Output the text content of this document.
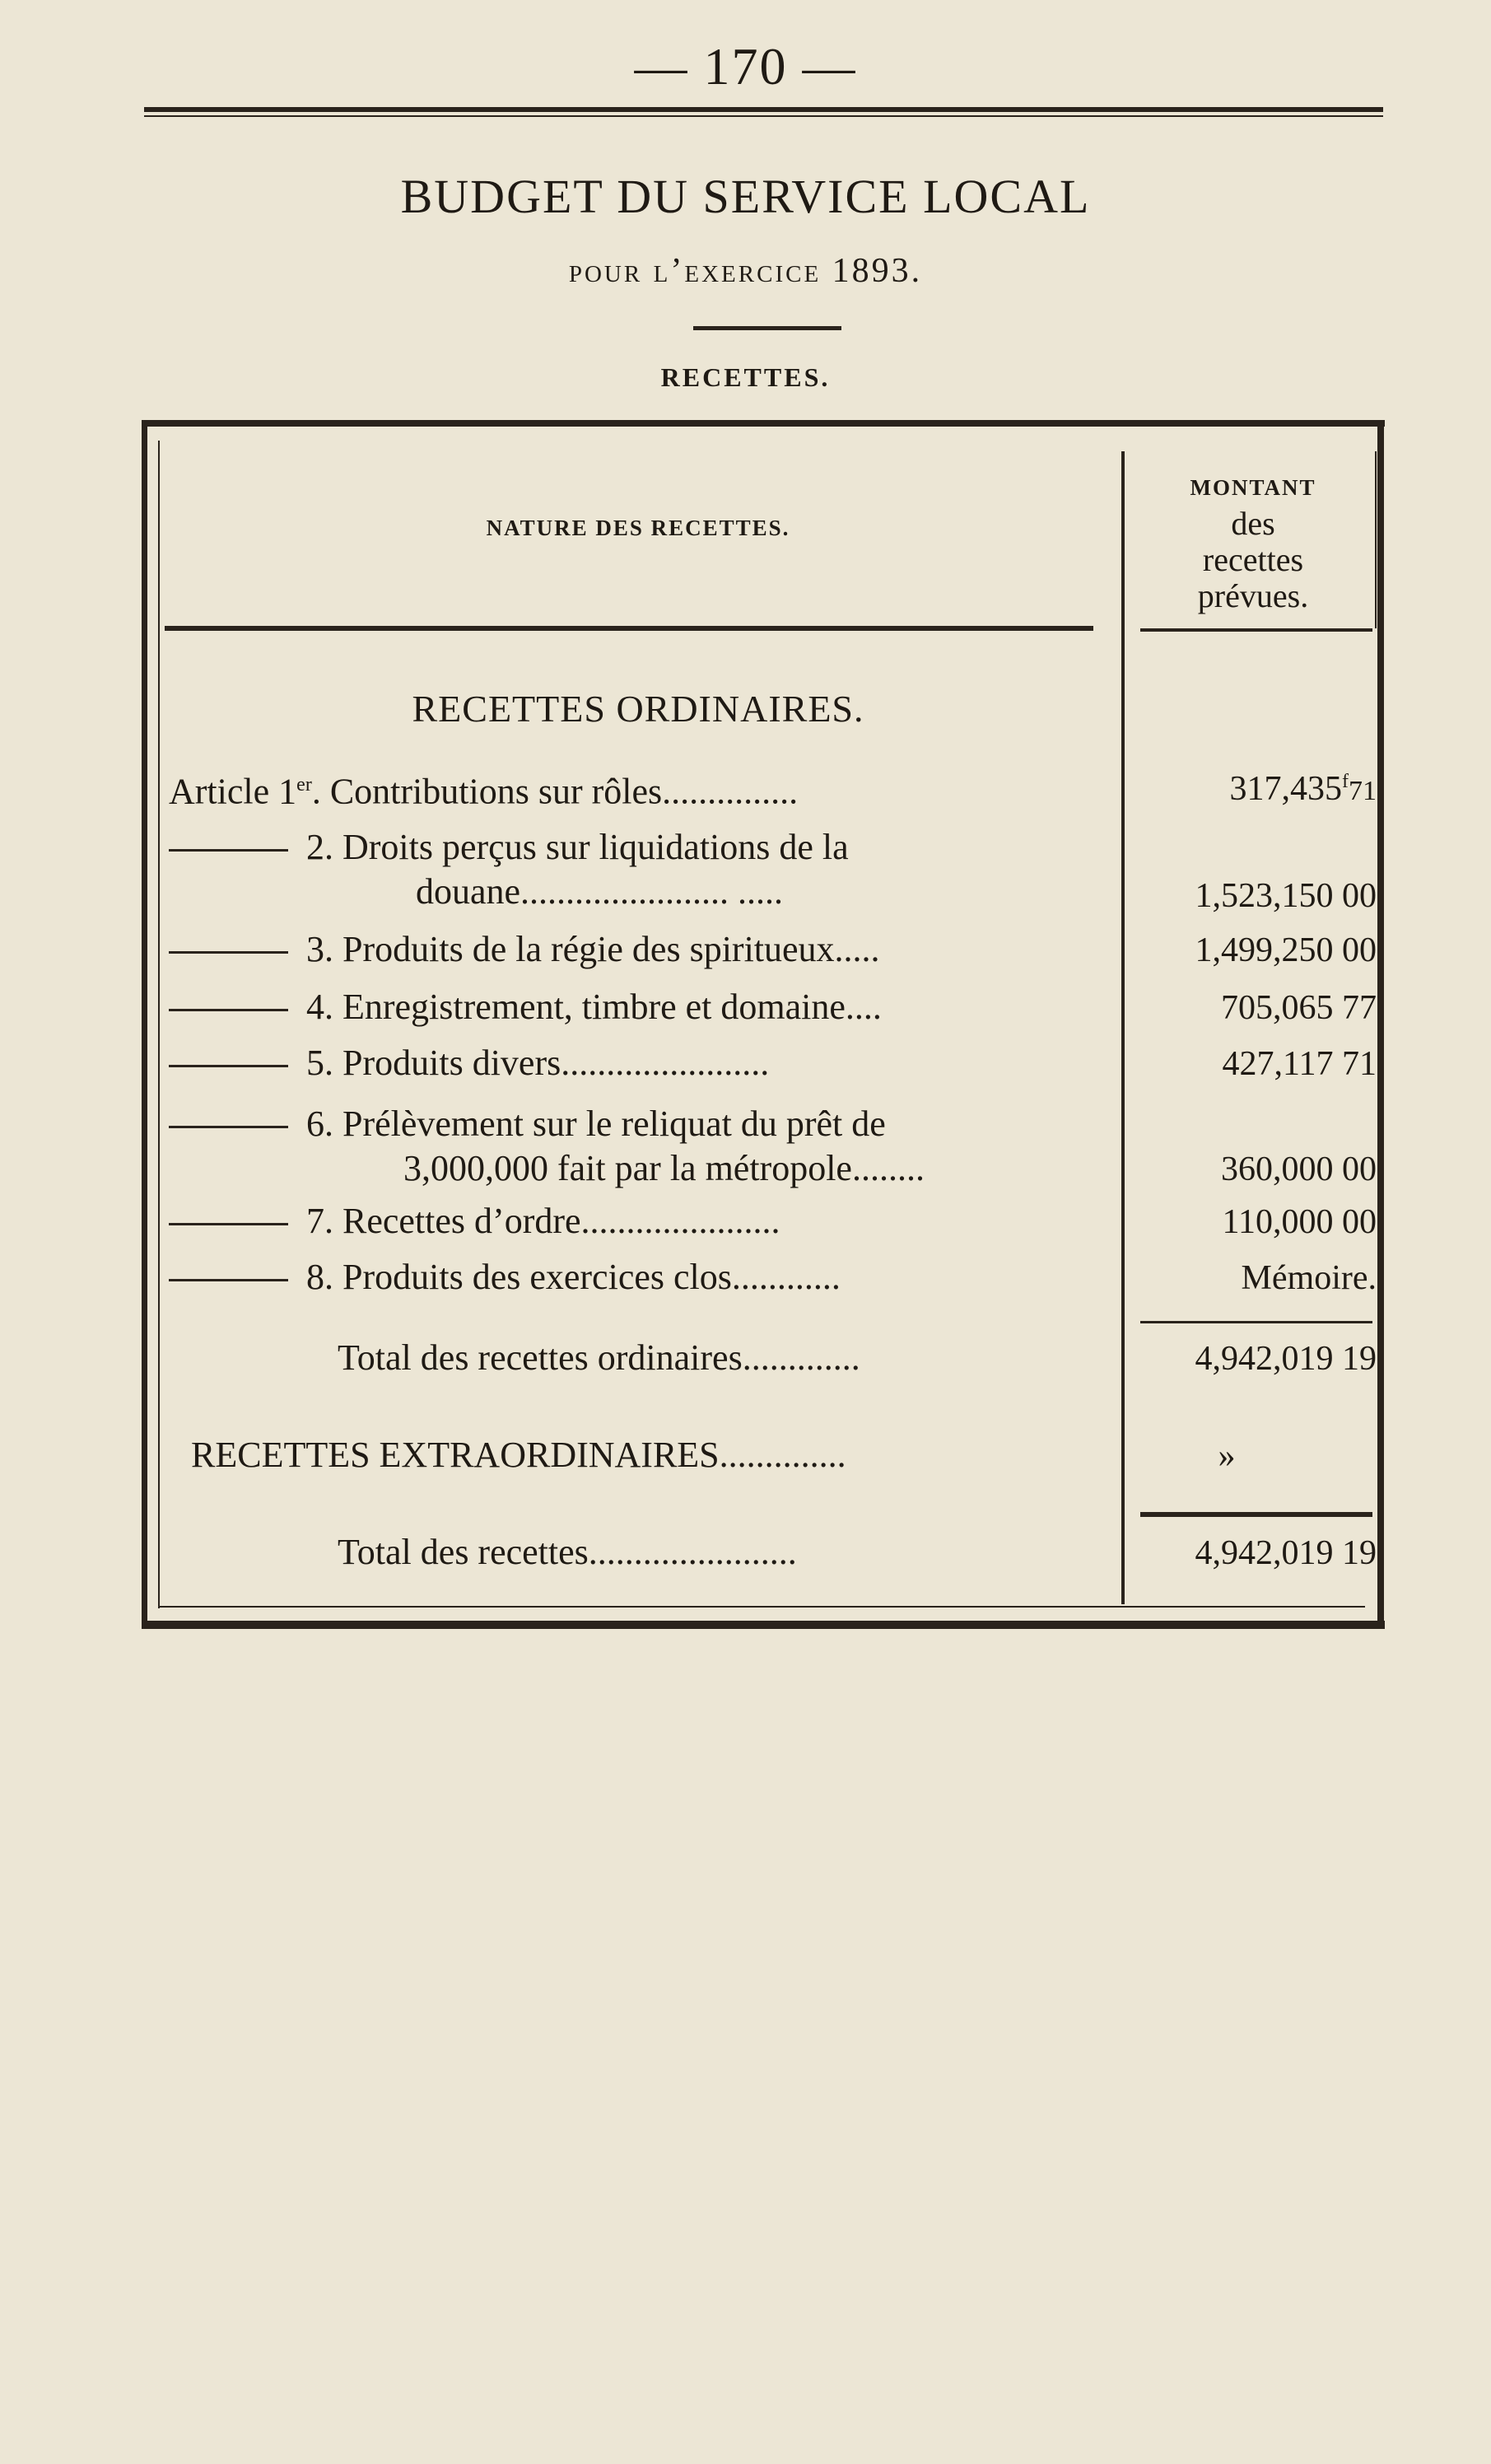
— 170 —
BUDGET DU SERVICE LOCAL
pour l’exercice 1893.
RECETTES.
NATURE DES RECETTES.
MONTANT
des
recettes
prévues.
RECETTES ORDINAIRES.
Article 1er. Contributions sur rôles...............	317,435$^f$71
2. Droits perçus sur liquidations de la
douane....................... .....	1,523,150 00
3. Produits de la régie des spiritueux.....	1,499,250 00
4. Enregistrement, timbre et domaine....	705,065 77
5. Produits divers.......................	427,117 71
6. Prélèvement sur le reliquat du prêt de
3,000,000 fait par la métropole........	360,000 00
7. Recettes d’ordre......................	110,000 00
8. Produits des exercices clos............	Mémoire.
Total des recettes ordinaires.............	4,942,019 19
RECETTES EXTRAORDINAIRES..............	»
Total des recettes.......................	4,942,019 19
